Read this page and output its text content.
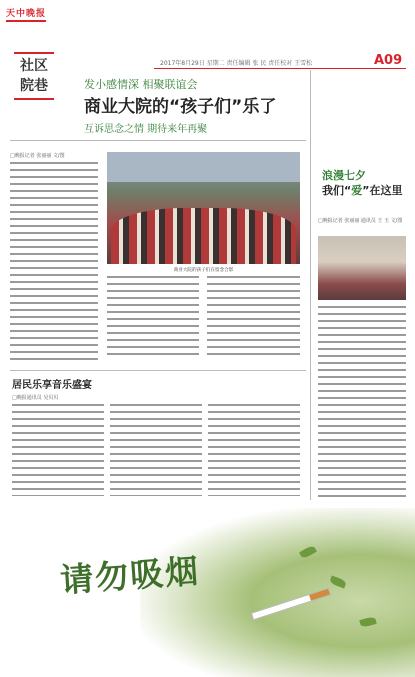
天中晚报
社区院巷
2017年8月29日 星期二 责任编辑 张 民 责任校对 王雪松	A09
发小感情深 相聚联谊会
商业大院的“孩子们”乐了
互诉思念之情 期待来年再聚
□晚报记者 张丽丽 文/图
商业大院的孩子们在留念合影
浪漫七夕
我们“爱”在这里
□晚报记者 张丽丽 通讯员 王 玉 文/图
居民乐享音乐盛宴
□晚报通讯员 吴贝贝
请勿吸烟
